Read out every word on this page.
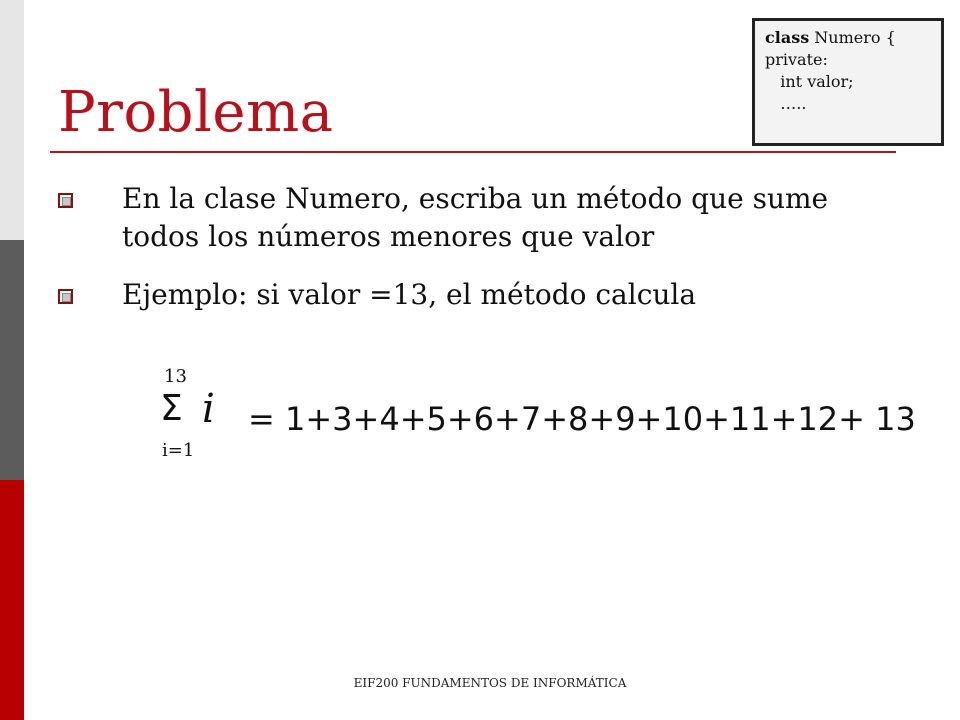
class Numero {
private:
int valor;
…..
Problema
En la clase Numero, escriba un método que sume todos los números menores que valor
Ejemplo: si valor =13, el método calcula
13
Σ i
i=1
= 1+3+4+5+6+7+8+9+10+11+12+ 13
EIF200 FUNDAMENTOS DE INFORMÁTICA
